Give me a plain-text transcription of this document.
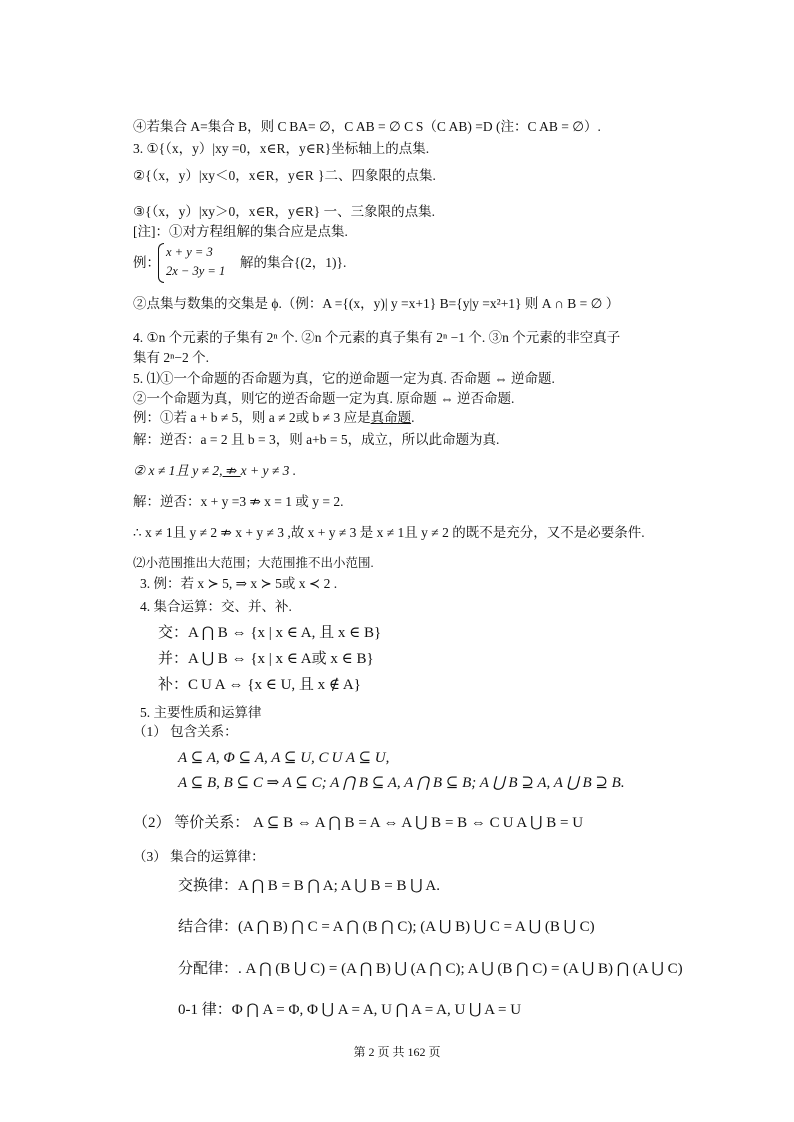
④若集合 A=集合 B，则 C BA= ∅，C AB = ∅ C S（C AB) =D (注：C AB = ∅）.
3. ①{（x，y）|xy =0，x∈R，y∈R}坐标轴上的点集.
②{（x，y）|xy＜0，x∈R，y∈R }二、四象限的点集.
③{（x，y）|xy＞0，x∈R，y∈R} 一、三象限的点集.
[注]：①对方程组解的集合应是点集.
例：
x + y = 3
2x − 3y = 1
解的集合{(2，1)}.
②点集与数集的交集是 ϕ.（例：A ={(x，y)| y =x+1} B={y|y =x²+1} 则 A ∩ B = ∅ ）
4. ①n 个元素的子集有 2ⁿ 个. ②n 个元素的真子集有 2ⁿ −1 个. ③n 个元素的非空真子
集有 2ⁿ−2 个.
5. ⑴①一个命题的否命题为真，它的逆命题一定为真. 否命题 ⇔ 逆命题.
②一个命题为真，则它的逆否命题一定为真. 原命题 ⇔ 逆否命题.
例：①若 a + b ≠ 5，则 a ≠ 2或 b ≠ 3 应是真命题.
解：逆否：a = 2 且 b = 3，则 a+b = 5，成立，所以此命题为真.
② x ≠ 1且 y ≠ 2, ⇏ x + y ≠ 3 .
解：逆否：x + y =3 ⇏ x = 1 或 y = 2.
∴ x ≠ 1且 y ≠ 2 ⇏ x + y ≠ 3 ,故 x + y ≠ 3 是 x ≠ 1且 y ≠ 2 的既不是充分，又不是必要条件.
⑵小范围推出大范围；大范围推不出小范围.
3. 例：若 x ≻ 5, ⇒ x ≻ 5或 x ≺ 2 .
4. 集合运算：交、并、补.
交：A ⋂ B ⇔ {x | x ∈ A, 且 x ∈ B}
并：A ⋃ B ⇔ {x | x ∈ A或 x ∈ B}
补：C U A ⇔ {x ∈ U, 且 x ∉ A}
5. 主要性质和运算律
（1） 包含关系：
A ⊆ A, Φ ⊆ A, A ⊆ U, C U A ⊆ U,
A ⊆ B, B ⊆ C ⇒ A ⊆ C; A ⋂ B ⊆ A, A ⋂ B ⊆ B; A ⋃ B ⊇ A, A ⋃ B ⊇ B.
（2） 等价关系： A ⊆ B ⇔ A ⋂ B = A ⇔ A ⋃ B = B ⇔ C U A ⋃ B = U
（3） 集合的运算律：
交换律：A ⋂ B = B ⋂ A; A ⋃ B = B ⋃ A.
结合律：(A ⋂ B) ⋂ C = A ⋂ (B ⋂ C); (A ⋃ B) ⋃ C = A ⋃ (B ⋃ C)
分配律：. A ⋂ (B ⋃ C) = (A ⋂ B) ⋃ (A ⋂ C); A ⋃ (B ⋂ C) = (A ⋃ B) ⋂ (A ⋃ C)
0-1 律：Φ ⋂ A = Φ, Φ ⋃ A = A, U ⋂ A = A, U ⋃ A = U
第 2 页 共 162 页
